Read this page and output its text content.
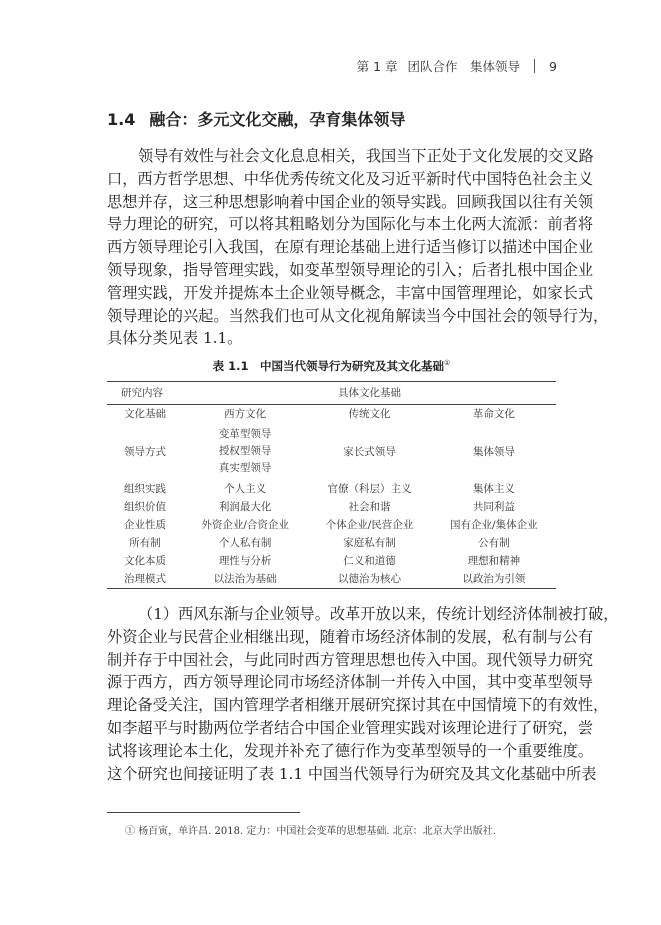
第 1 章 团队合作　集体领导 9
1.4 融合：多元文化交融，孕育集体领导
领导有效性与社会文化息息相关，我国当下正处于文化发展的交叉路
口，西方哲学思想、中华优秀传统文化及习近平新时代中国特色社会主义
思想并存，这三种思想影响着中国企业的领导实践。回顾我国以往有关领
导力理论的研究，可以将其粗略划分为国际化与本土化两大流派：前者将
西方领导理论引入我国，在原有理论基础上进行适当修订以描述中国企业
领导现象，指导管理实践，如变革型领导理论的引入；后者扎根中国企业
管理实践，开发并提炼本土企业领导概念，丰富中国管理理论，如家长式
领导理论的兴起。当然我们也可从文化视角解读当今中国社会的领导行为，
具体分类见表 1.1。
表 1.1　中国当代领导行为研究及其文化基础①
研究内容	具体文化基础		
文化基础	西方文化	传统文化	革命文化
领导方式	变革型领导
授权型领导
真实型领导	家长式领导	集体领导
组织实践	个人主义	官僚（科层）主义	集体主义
组织价值	利润最大化	社会和谐	共同利益
企业性质	外资企业/合资企业	个体企业/民营企业	国有企业/集体企业
所有制	个人私有制	家庭私有制	公有制
文化本质	理性与分析	仁义和道德	理想和精神
治理模式	以法治为基础	以德治为核心	以政治为引领
（1）西风东渐与企业领导。改革开放以来，传统计划经济体制被打破，
外资企业与民营企业相继出现，随着市场经济体制的发展，私有制与公有
制并存于中国社会，与此同时西方管理思想也传入中国。现代领导力研究
源于西方，西方领导理论同市场经济体制一并传入中国，其中变革型领导
理论备受关注，国内管理学者相继开展研究探讨其在中国情境下的有效性，
如李超平与时勘两位学者结合中国企业管理实践对该理论进行了研究，尝
试将该理论本土化，发现并补充了德行作为变革型领导的一个重要维度。
这个研究也间接证明了表 1.1 中国当代领导行为研究及其文化基础中所表
① 杨百寅，单许昌. 2018. 定力：中国社会变革的思想基础. 北京：北京大学出版社.
